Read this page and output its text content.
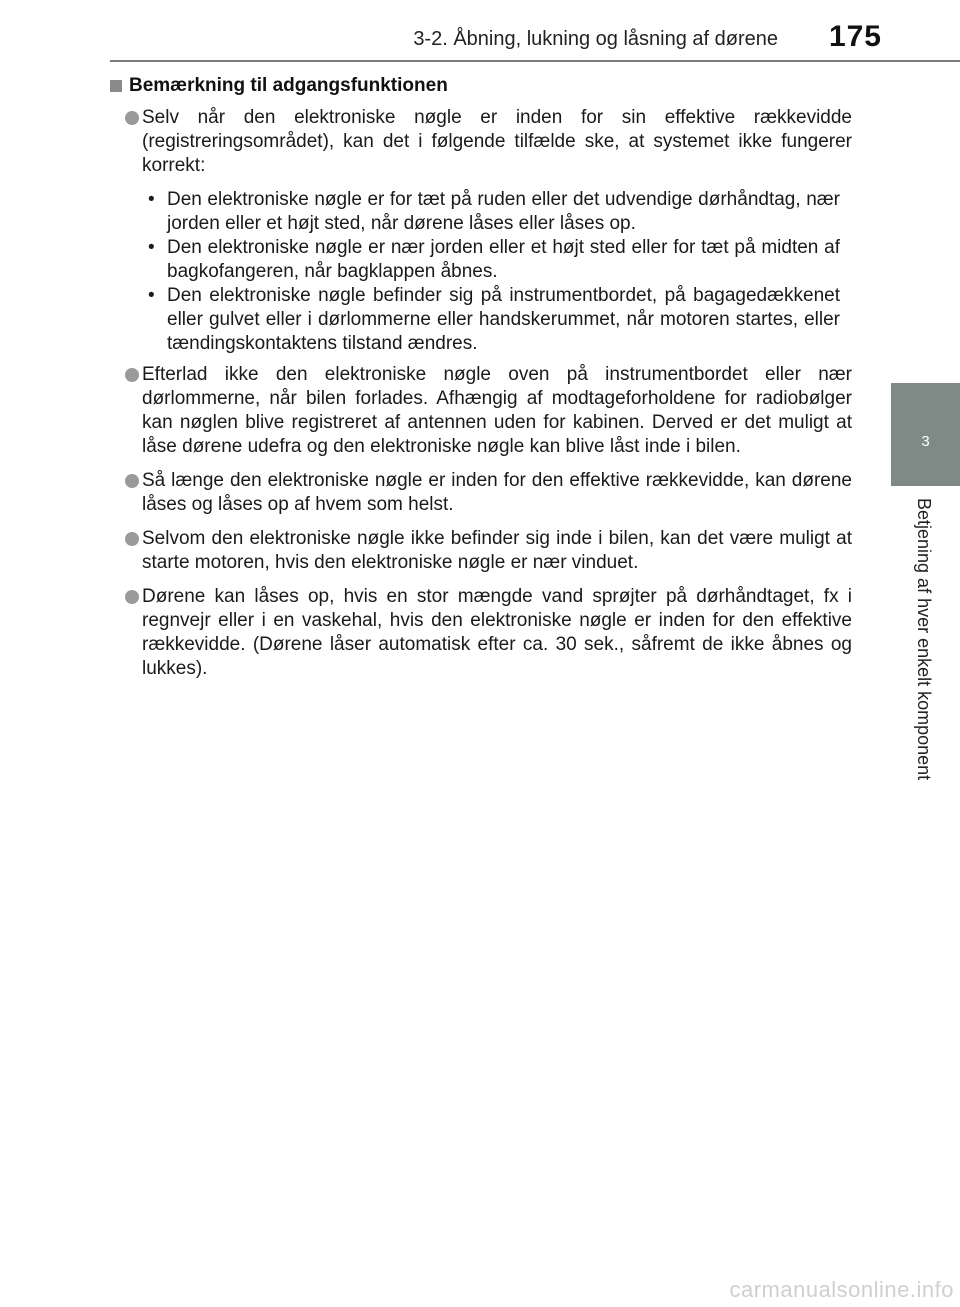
3-2. Åbning, lukning og låsning af dørene 175
3
Betjening af hver enkelt komponent
Bemærkning til adgangsfunktionen
Selv når den elektroniske nøgle er inden for sin effektive rækkevidde (registreringsområdet), kan det i følgende tilfælde ske, at systemet ikke fungerer korrekt:
• Den elektroniske nøgle er for tæt på ruden eller det udvendige dørhåndtag, nær jorden eller et højt sted, når dørene låses eller låses op.
• Den elektroniske nøgle er nær jorden eller et højt sted eller for tæt på midten af bagkofangeren, når bagklappen åbnes.
• Den elektroniske nøgle befinder sig på instrumentbordet, på bagagedækkenet eller gulvet eller i dørlommerne eller handskerummet, når motoren startes, eller tændingskontaktens tilstand ændres.
Efterlad ikke den elektroniske nøgle oven på instrumentbordet eller nær dørlommerne, når bilen forlades. Afhængig af modtageforholdene for radiobølger kan nøglen blive registreret af antennen uden for kabinen. Derved er det muligt at låse dørene udefra og den elektroniske nøgle kan blive låst inde i bilen.
Så længe den elektroniske nøgle er inden for den effektive rækkevidde, kan dørene låses og låses op af hvem som helst.
Selvom den elektroniske nøgle ikke befinder sig inde i bilen, kan det være muligt at starte motoren, hvis den elektroniske nøgle er nær vinduet.
Dørene kan låses op, hvis en stor mængde vand sprøjter på dørhåndtaget, fx i regnvejr eller i en vaskehal, hvis den elektroniske nøgle er inden for den effektive rækkevidde. (Dørene låser automatisk efter ca. 30 sek., såfremt de ikke åbnes og lukkes).
carmanualsonline.info
